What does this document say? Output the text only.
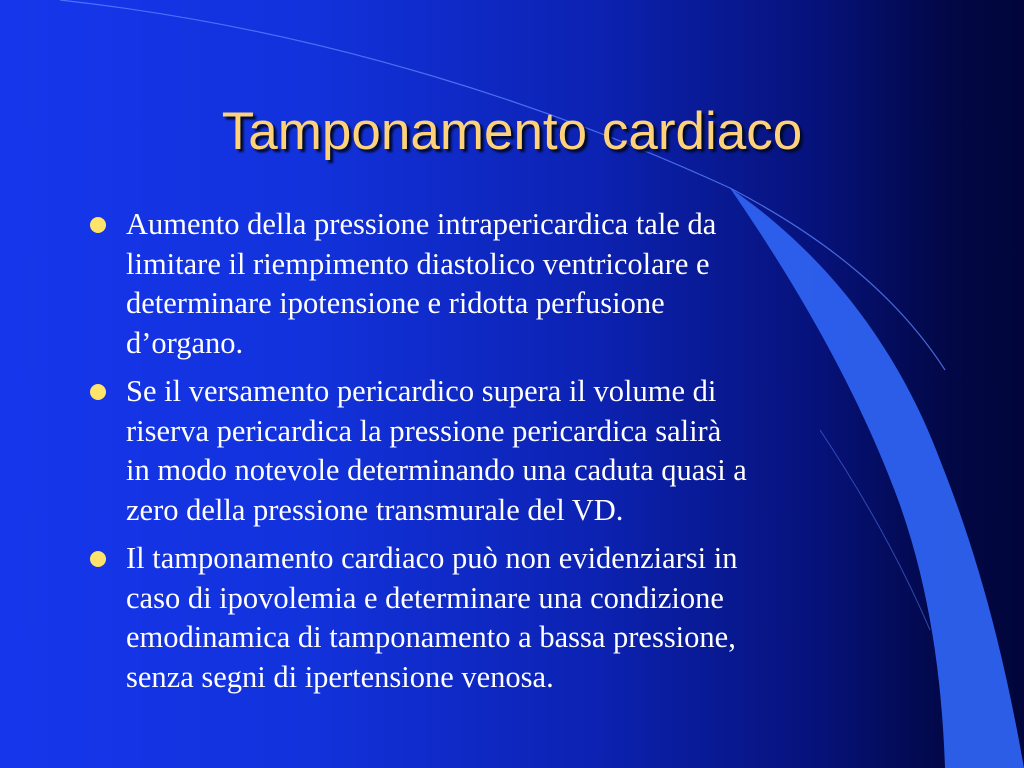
Tamponamento cardiaco
Aumento della pressione intrapericardica tale da
limitare il riempimento diastolico ventricolare e
determinare ipotensione e ridotta perfusione
d’organo.
Se il versamento pericardico supera il volume di
riserva pericardica la pressione pericardica salirà
in modo notevole determinando una caduta quasi a
zero della pressione transmurale del VD.
Il tamponamento cardiaco può non evidenziarsi in
caso di ipovolemia e determinare una condizione
emodinamica di tamponamento a bassa pressione,
senza segni di ipertensione venosa.
